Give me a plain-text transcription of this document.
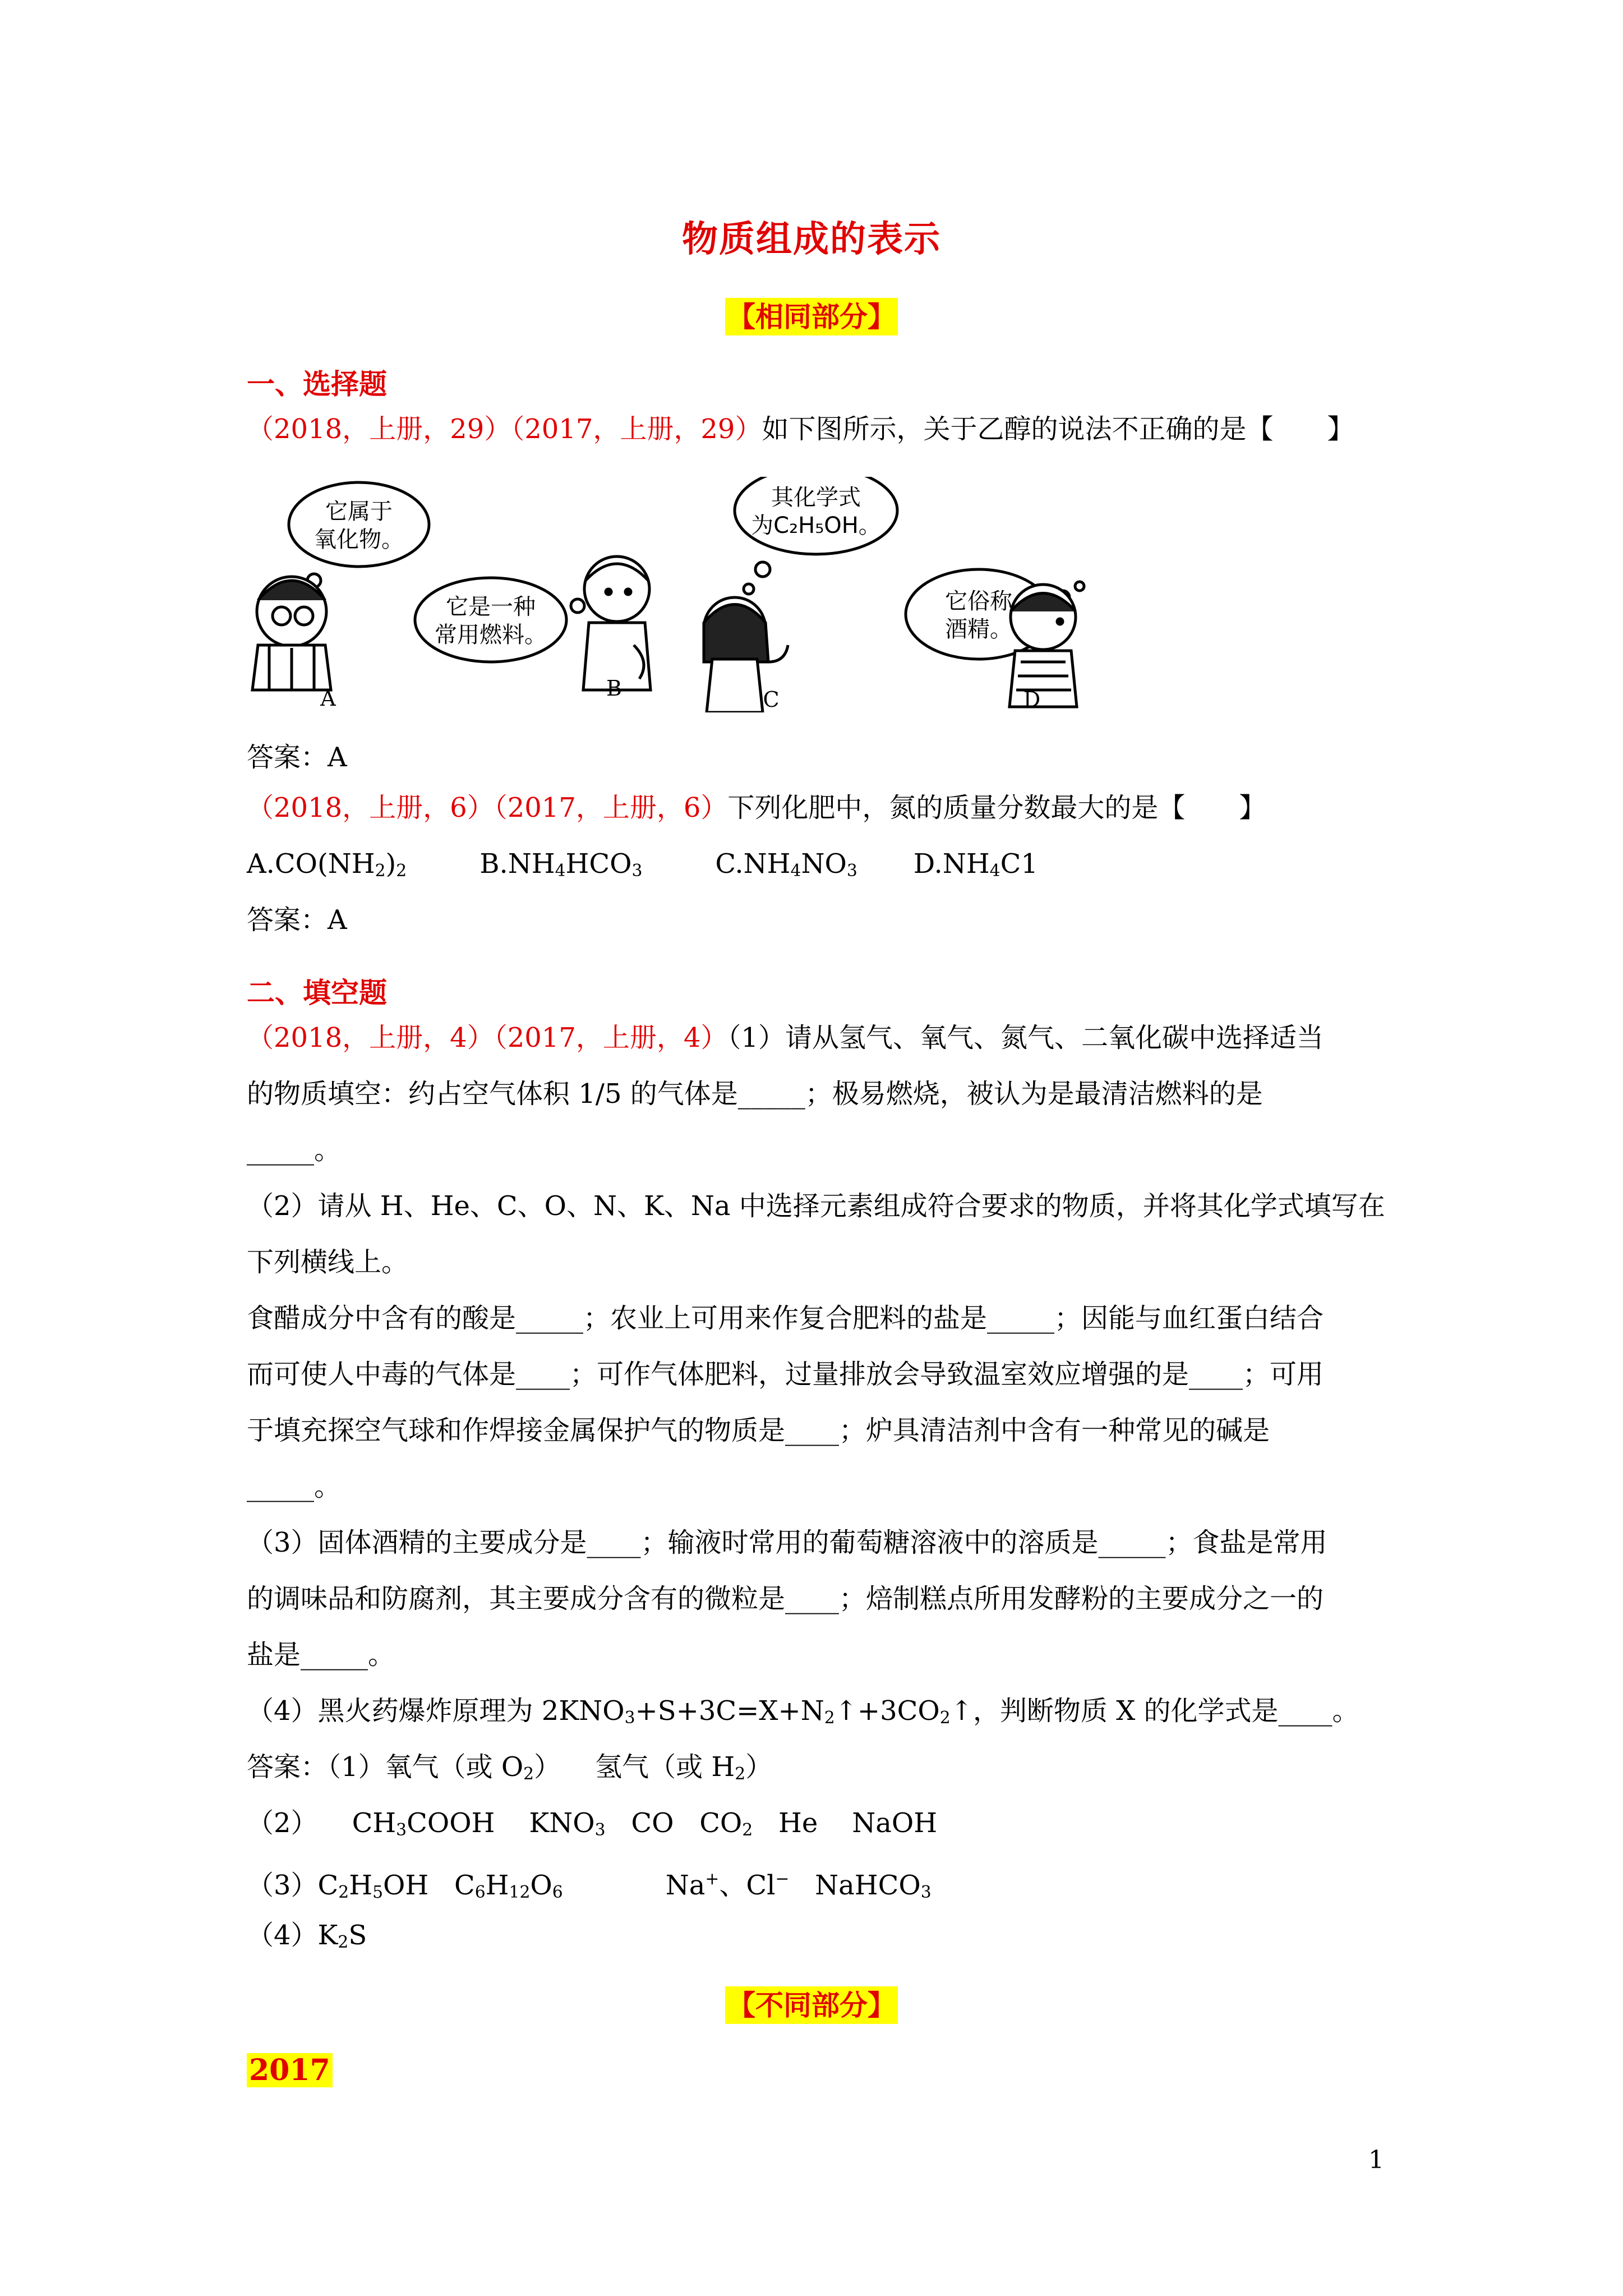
物质组成的表示
【相同部分】
一、选择题
（2018，上册，29）（2017，上册，29）如下图所示，关于乙醇的说法不正确的是【　　】
它属于
氧化物。
它是一种
常用燃料。
其化学式
为C₂H₅OH。
它俗称
酒精。
A	B	C	D
答案：A
（2018，上册，6）（2017，上册，6）下列化肥中，氮的质量分数最大的是【　　】
$A.CO(NH_2)_2$	$B.NH_4HCO_3$	$C.NH_4NO_3$ $D.NH_4C1$
答案：A
二、填空题
（2018，上册，4）（2017，上册，4）（1）请从氢气、氧气、氮气、二氧化碳中选择适当
的物质填空：约占空气体积 1/5 的气体是_____；极易燃烧，被认为是最清洁燃料的是
_____。
（2）请从 H、He、C、O、N、K、Na 中选择元素组成符合要求的物质，并将其化学式填写在
下列横线上。
食醋成分中含有的酸是_____；农业上可用来作复合肥料的盐是_____；因能与血红蛋白结合
而可使人中毒的气体是____；可作气体肥料，过量排放会导致温室效应增强的是____；可用
于填充探空气球和作焊接金属保护气的物质是____；炉具清洁剂中含有一种常见的碱是
_____。
（3）固体酒精的主要成分是____；输液时常用的葡萄糖溶液中的溶质是_____；食盐是常用
的调味品和防腐剂，其主要成分含有的微粒是____；焙制糕点所用发酵粉的主要成分之一的
盐是_____。
（4）黑火药爆炸原理为 $2KNO_3+S+3C=X+N_2↑+3CO_2↑$，判断物质 X 的化学式是____。
答案：（1）氧气（或 $O_2$）    氢气（或 $H_2$）
（2）    $CH_3COOH$    $KNO_3$   CO   $CO_2$   He    NaOH
$(3)C_2H_5OH$   $C_6H_{12}O_6$            Na+、Cl−   NaHCO$_3$
$(4)K_2S$
【不同部分】
2017
1
